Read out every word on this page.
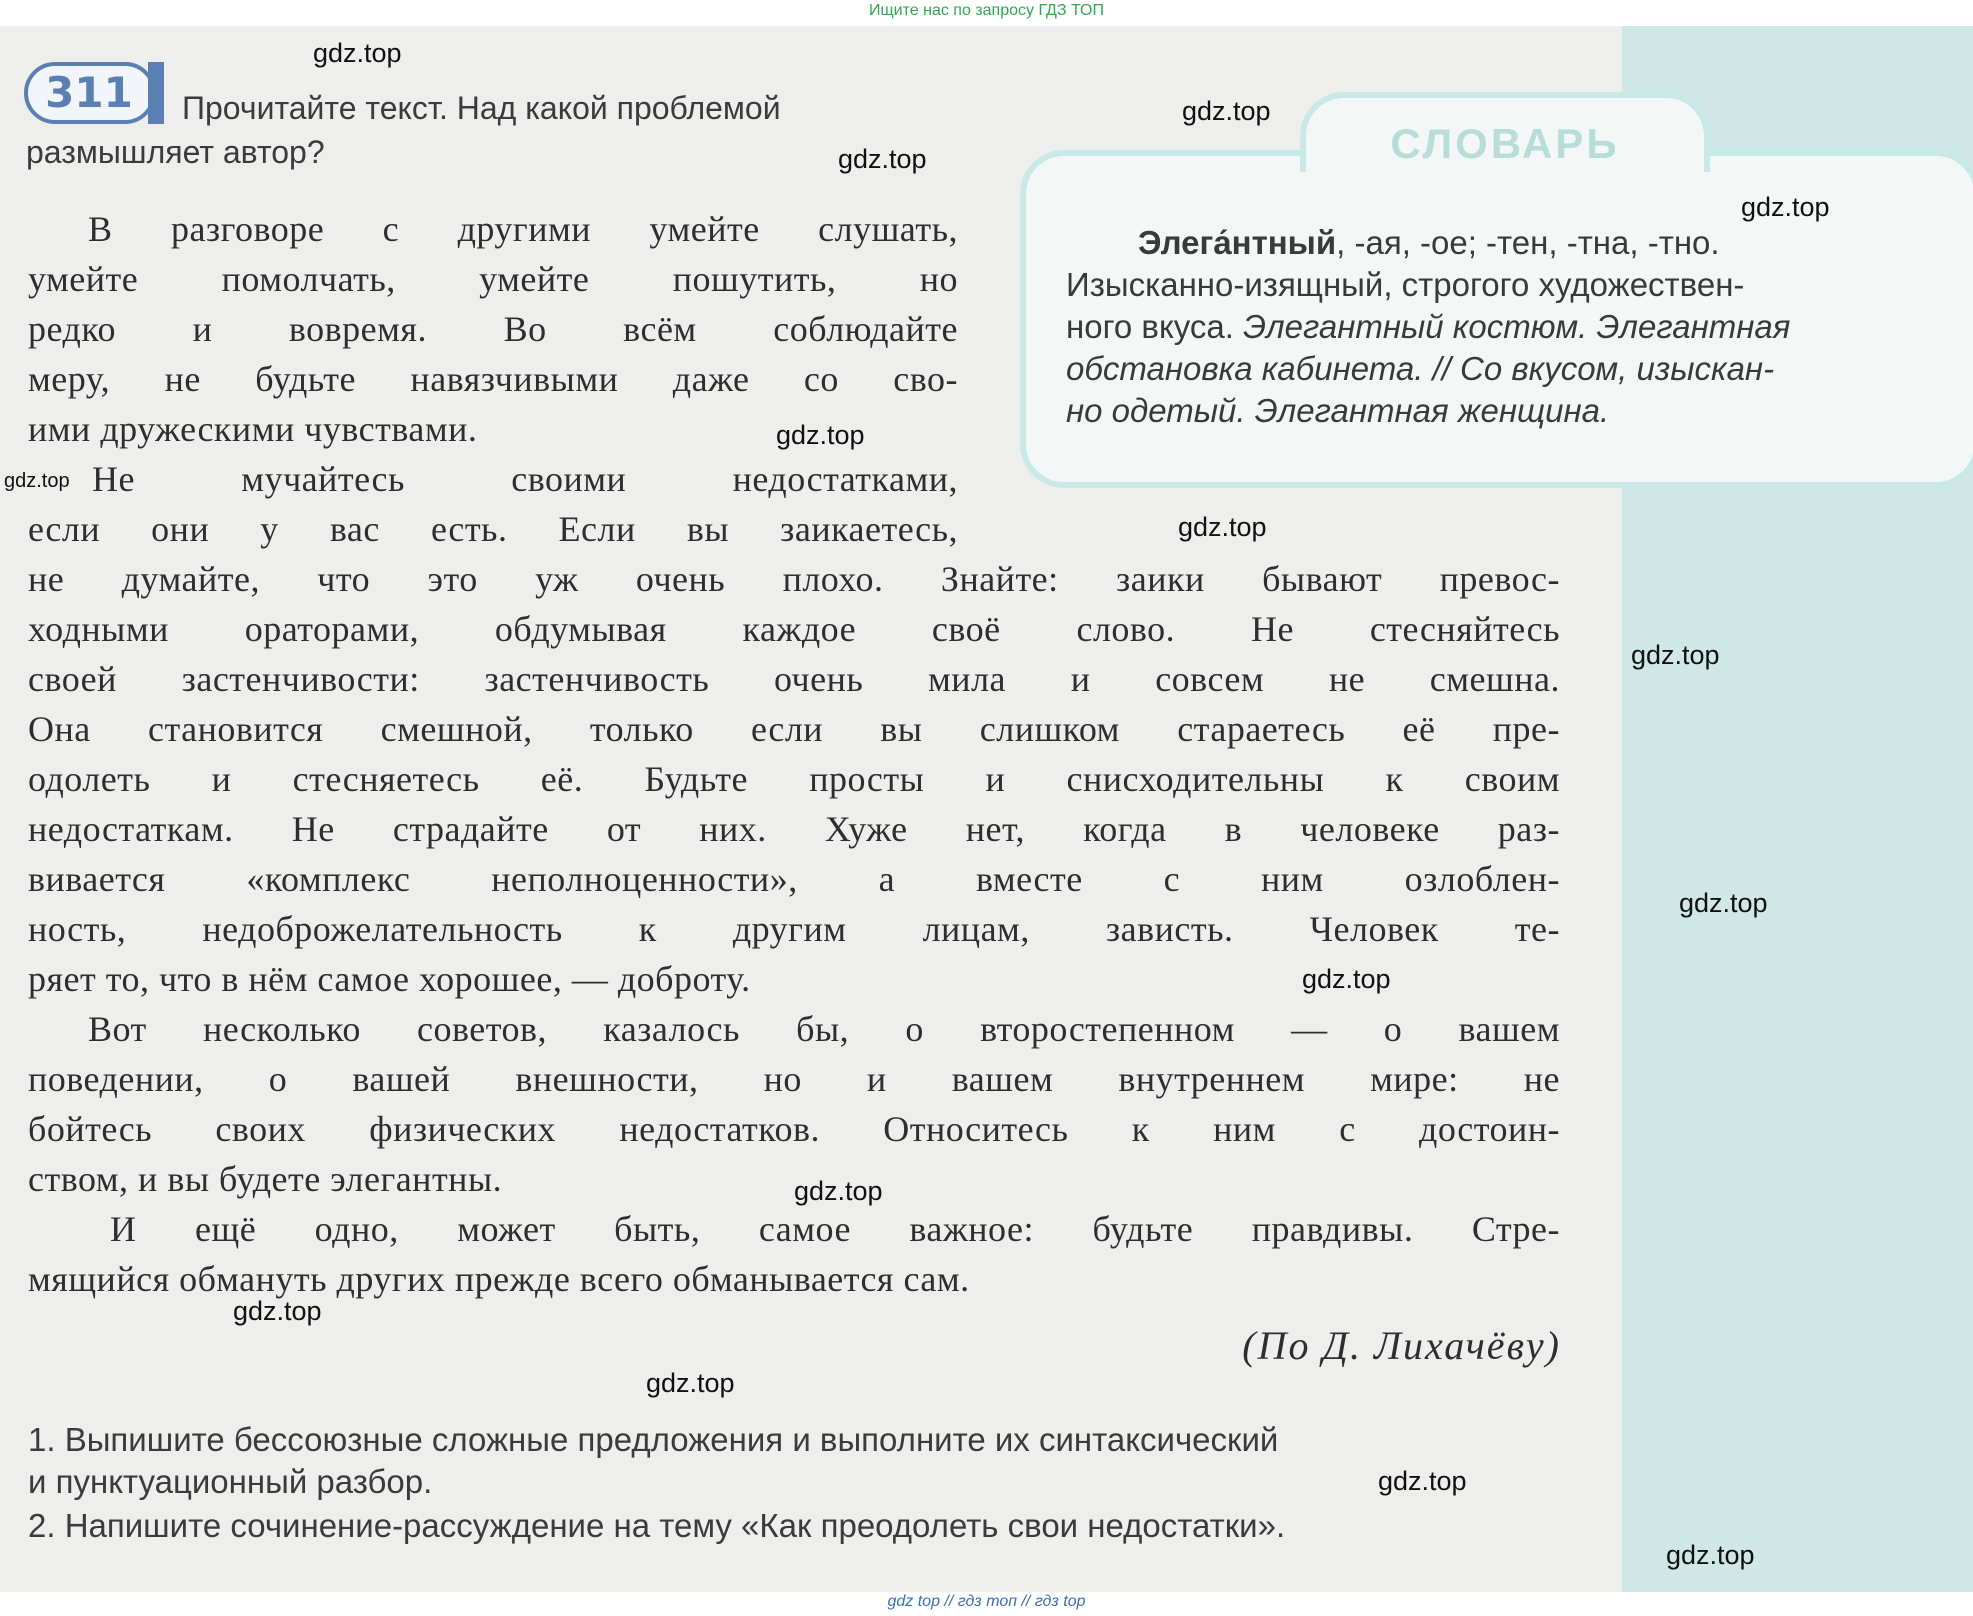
Ищите нас по запросу ГДЗ ТОП
311	Прочитайте текст. Над какой проблемой
размышляет автор?	СЛОВАРЬ
Элега́нтный, -ая, -ое; -тен, -тна, -тно.
Изысканно-изящный, строгого художествен-
ного вкуса. Элегантный костюм. Элегантная
обстановка кабинета. // Со вкусом, изыскан-
но одетый. Элегантная женщина.
В разговоре с другими умейте слушать,
умейте помолчать, умейте пошутить, но
редко и вовремя. Во всём соблюдайте
меру, не будьте навязчивыми даже со сво-
ими дружескими чувствами.
Не мучайтесь своими недостатками,
если они у вас есть. Если вы заикаетесь,
не думайте, что это уж очень плохо. Знайте: заики бывают превос-
ходными ораторами, обдумывая каждое своё слово. Не стесняйтесь
своей застенчивости: застенчивость очень мила и совсем не смешна.
Она становится смешной, только если вы слишком стараетесь её пре-
одолеть и стесняетесь её. Будьте просты и снисходительны к своим
недостаткам. Не страдайте от них. Хуже нет, когда в человеке раз-
вивается «комплекс неполноценности», а вместе с ним озлоблен-
ность, недоброжелательность к другим лицам, зависть. Человек те-
ряет то, что в нём самое хорошее, — доброту.
Вот несколько советов, казалось бы, о второстепенном — о вашем
поведении, о вашей внешности, но и вашем внутреннем мире: не
бойтесь своих физических недостатков. Относитесь к ним с достоин-
ством, и вы будете элегантны.
И ещё одно, может быть, самое важное: будьте правдивы. Стре-
мящийся обмануть других прежде всего обманывается сам.
(По Д. Лихачёву)
1. Выпишите бессоюзные сложные предложения и выполните их синтаксический
и пунктуационный разбор.
2. Напишите сочинение-рассуждение на тему «Как преодолеть свои недостатки».
gdz.top
gdz.top
gdz.top
gdz.top
gdz.top
gdz.top
gdz.top
gdz.top
gdz.top
gdz.top
gdz.top
gdz.top
gdz.top
gdz.top
gdz.top
gdz top // гдз топ // гдз top
